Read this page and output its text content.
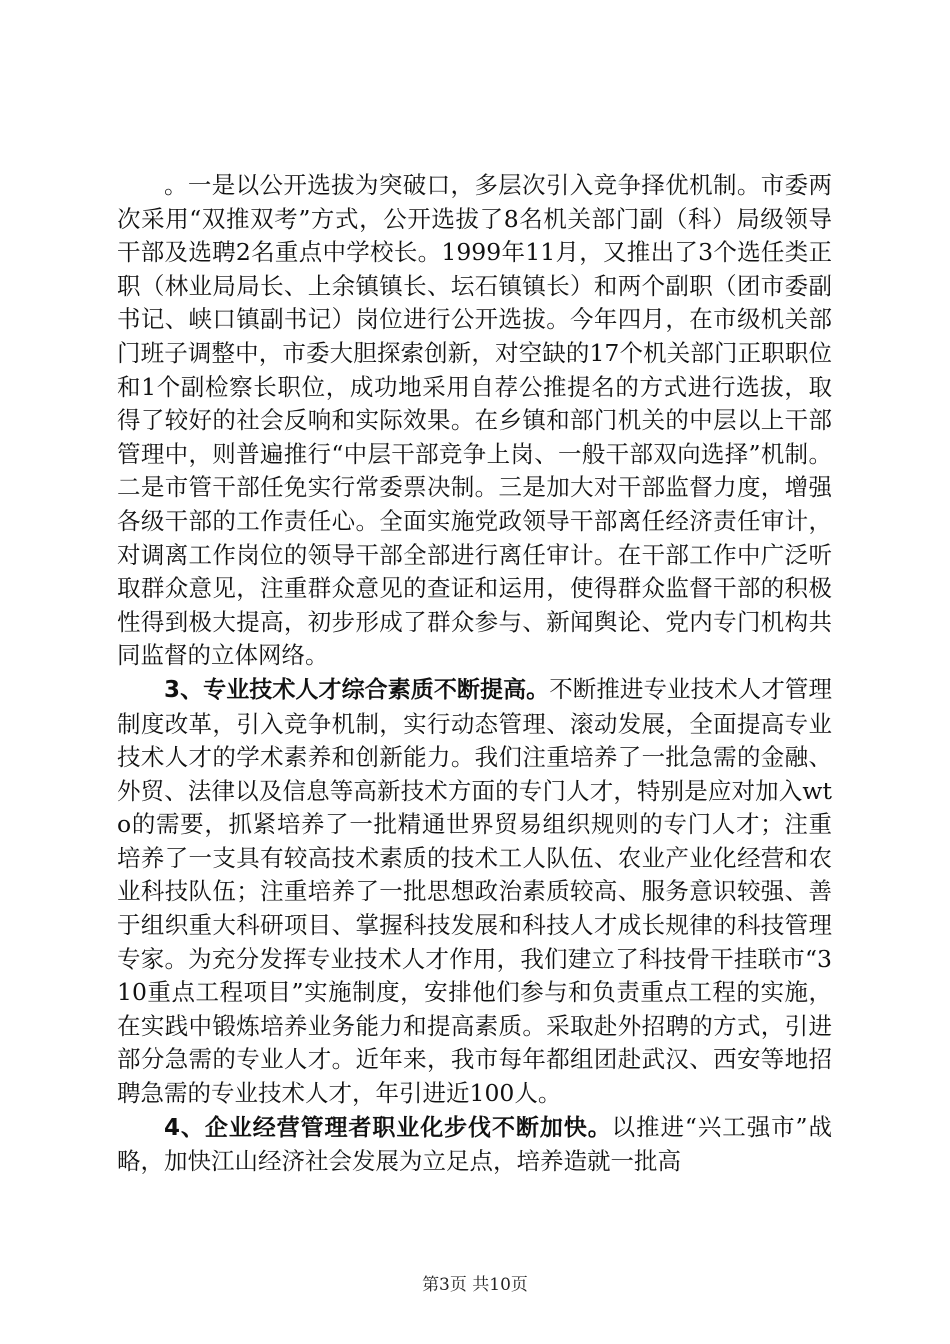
。一是以公开选拔为突破口，多层次引入竞争择优机制。市委两次采用“双推双考”方式，公开选拔了8名机关部门副（科）局级领导干部及选聘2名重点中学校长。1999年11月，又推出了3个选任类正职（林业局局长、上余镇镇长、坛石镇镇长）和两个副职（团市委副书记、峡口镇副书记）岗位进行公开选拔。今年四月，在市级机关部门班子调整中，市委大胆探索创新，对空缺的17个机关部门正职职位和1个副检察长职位，成功地采用自荐公推提名的方式进行选拔，取得了较好的社会反响和实际效果。在乡镇和部门机关的中层以上干部管理中，则普遍推行“中层干部竞争上岗、一般干部双向选择”机制。二是市管干部任免实行常委票决制。三是加大对干部监督力度，增强各级干部的工作责任心。全面实施党政领导干部离任经济责任审计，对调离工作岗位的领导干部全部进行离任审计。在干部工作中广泛听取群众意见，注重群众意见的查证和运用，使得群众监督干部的积极性得到极大提高，初步形成了群众参与、新闻舆论、党内专门机构共同监督的立体网络。

3、专业技术人才综合素质不断提高。不断推进专业技术人才管理制度改革，引入竞争机制，实行动态管理、滚动发展，全面提高专业技术人才的学术素养和创新能力。我们注重培养了一批急需的金融、外贸、法律以及信息等高新技术方面的专门人才，特别是应对加入wto的需要，抓紧培养了一批精通世界贸易组织规则的专门人才；注重培养了一支具有较高技术素质的技术工人队伍、农业产业化经营和农业科技队伍；注重培养了一批思想政治素质较高、服务意识较强、善于组织重大科研项目、掌握科技发展和科技人才成长规律的科技管理专家。为充分发挥专业技术人才作用，我们建立了科技骨干挂联市“310重点工程项目”实施制度，安排他们参与和负责重点工程的实施，在实践中锻炼培养业务能力和提高素质。采取赴外招聘的方式，引进部分急需的专业人才。近年来，我市每年都组团赴武汉、西安等地招聘急需的专业技术人才，年引进近100人。

4、企业经营管理者职业化步伐不断加快。以推进“兴工强市”战略，加快江山经济社会发展为立足点，培养造就一批高

第3页 共10页
